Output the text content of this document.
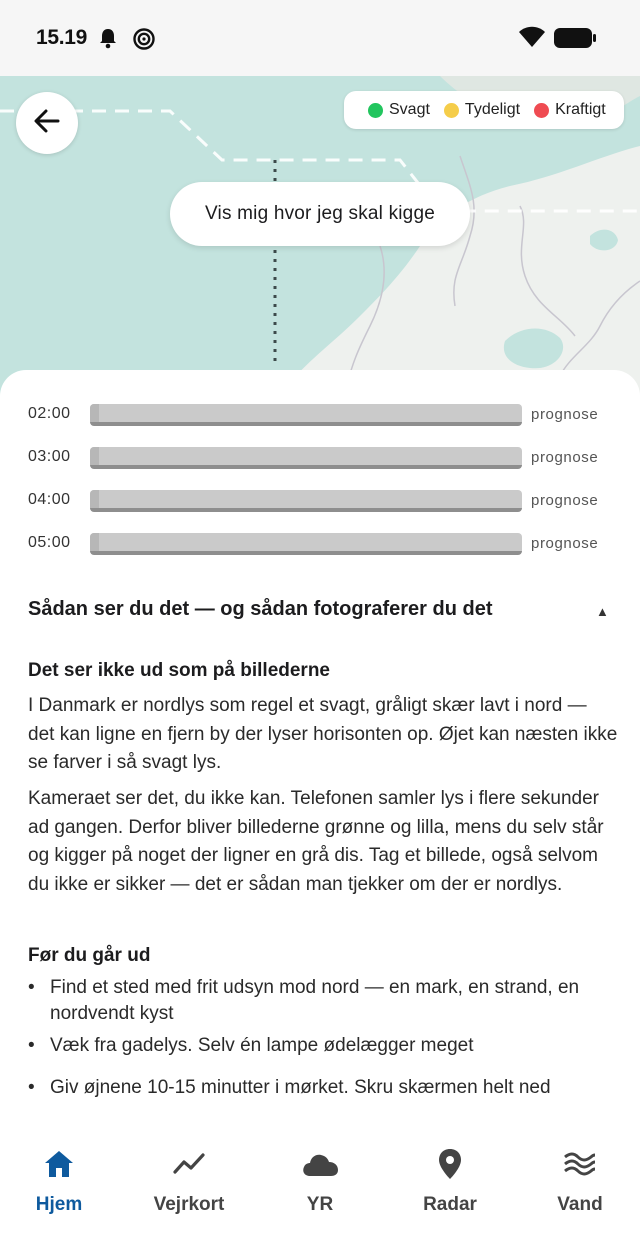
15.19
Svagt Tydeligt Kraftigt
Vis mig hvor jeg skal kigge
02:00	prognose
03:00	prognose
04:00	prognose
05:00	prognose
Sådan ser du det — og sådan fotograferer du det	▲
Det ser ikke ud som på billederne
I Danmark er nordlys som regel et svagt, gråligt skær lavt i nord — det kan ligne en fjern by der lyser horisonten op. Øjet kan næsten ikke se farver i så svagt lys.
Kameraet ser det, du ikke kan. Telefonen samler lys i flere sekunder ad gangen. Derfor bliver billederne grønne og lilla, mens du selv står og kigger på noget der ligner en grå dis. Tag et billede, også selvom du ikke er sikker — det er sådan man tjekker om der er nordlys.
Før du går ud
• Find et sted med frit udsyn mod nord — en mark, en strand, en nordvendt kyst
• Væk fra gadelys. Selv én lampe ødelægger meget
• Giv øjnene 10-15 minutter i mørket. Skru skærmen helt ned
Hjem	Vejrkort	YR	Radar	Vand
